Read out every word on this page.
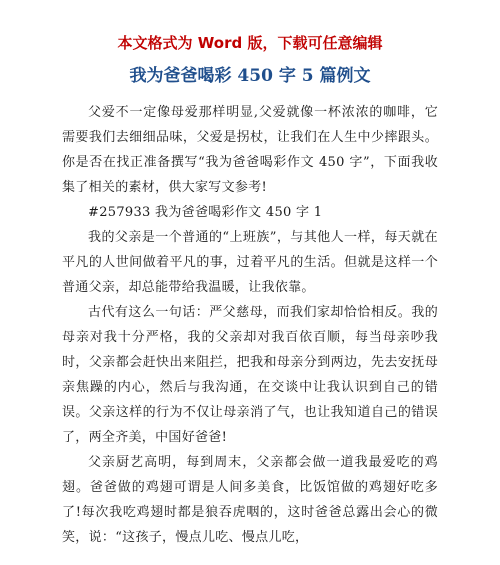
本文格式为 Word 版，下载可任意编辑

我为爸爸喝彩 450 字 5 篇例文

父爱不一定像母爱那样明显,父爱就像一杯浓浓的咖啡，它需要我们去细细品味，父爱是拐杖，让我们在人生中少摔跟头。你是否在找正准备撰写“我为爸爸喝彩作文 450 字”，下面我收集了相关的素材，供大家写文参考!

#257933 我为爸爸喝彩作文 450 字 1

我的父亲是一个普通的“上班族”，与其他人一样，每天就在平凡的人世间做着平凡的事，过着平凡的生活。但就是这样一个普通父亲，却总能带给我温暖，让我依靠。

古代有这么一句话：严父慈母，而我们家却恰恰相反。我的母亲对我十分严格，我的父亲却对我百依百顺，每当母亲吵我时，父亲都会赶快出来阻拦，把我和母亲分到两边，先去安抚母亲焦躁的内心，然后与我沟通，在交谈中让我认识到自己的错误。父亲这样的行为不仅让母亲消了气，也让我知道自己的错误了，两全齐美，中国好爸爸!

父亲厨艺高明，每到周末，父亲都会做一道我最爱吃的鸡翅。爸爸做的鸡翅可谓是人间多美食，比饭馆做的鸡翅好吃多了!每次我吃鸡翅时都是狼吞虎咽的，这时爸爸总露出会心的微笑，说：“这孩子，慢点儿吃、慢点儿吃，
